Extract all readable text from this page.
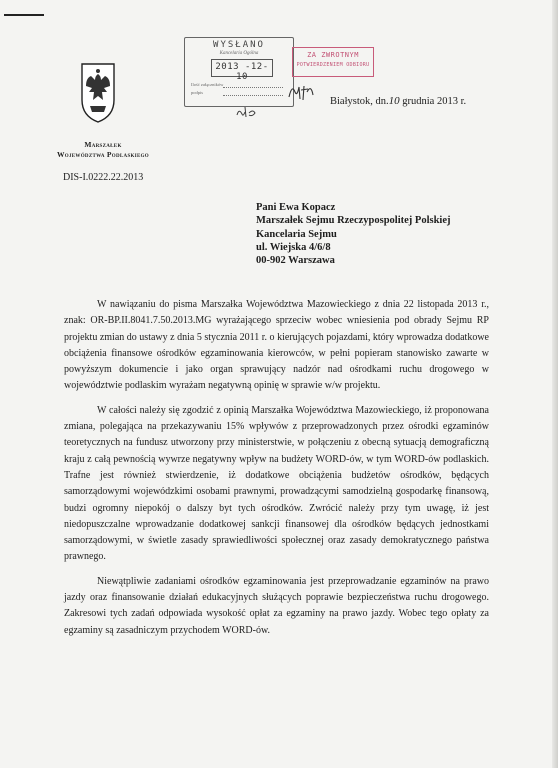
Marszałek
Województwa Podlaskiego
DIS-I.0222.22.2013
WYSŁANO
Kancelaria Ogólna
2013 -12- 10
Ilość załączników
podpis
ZA ZWROTNYM
POTWIERDZENIEM ODBIORU
Białystok, dn.10 grudnia 2013 r.
Pani Ewa Kopacz
Marszałek Sejmu Rzeczypospolitej Polskiej
Kancelaria Sejmu
ul. Wiejska 4/6/8
00-902 Warszawa

W nawiązaniu do pisma Marszałka Województwa Mazowieckiego z dnia 22 listopada 2013 r., znak: OR-BP.II.8041.7.50.2013.MG wyrażającego sprzeciw wobec wniesienia pod obrady Sejmu RP projektu zmian do ustawy z dnia 5 stycznia 2011 r. o kierujących pojazdami, który wprowadza dodatkowe obciążenia finansowe ośrodków egzaminowania kierowców, w pełni popieram stanowisko zawarte w powyższym dokumencie i jako organ sprawujący nadzór nad ośrodkami ruchu drogowego w województwie podlaskim wyrażam negatywną opinię w sprawie w/w projektu.

W całości należy się zgodzić z opinią Marszałka Województwa Mazowieckiego, iż proponowana zmiana, polegająca na przekazywaniu 15% wpływów z przeprowadzonych przez ośrodki egzaminów teoretycznych na fundusz utworzony przy ministerstwie, w połączeniu z obecną sytuacją demograficzną kraju z całą pewnością wywrze negatywny wpływ na budżety WORD-ów, w tym WORD-ów podlaskich. Trafne jest również stwierdzenie, iż dodatkowe obciążenia budżetów ośrodków, będących samorządowymi wojewódzkimi osobami prawnymi, prowadzącymi samodzielną gospodarkę finansową, budzi ogromny niepokój o dalszy byt tych ośrodków. Zwrócić należy przy tym uwagę, iż jest niedopuszczalne wprowadzanie dodatkowej sankcji finansowej dla ośrodków będących jednostkami samorządowymi, w świetle zasady sprawiedliwości społecznej oraz zasady demokratycznego państwa prawnego.

Niewątpliwie zadaniami ośrodków egzaminowania jest przeprowadzanie egzaminów na prawo jazdy oraz finansowanie działań edukacyjnych służących poprawie bezpieczeństwa ruchu drogowego. Zakresowi tych zadań odpowiada wysokość opłat za egzaminy na prawo jazdy. Wobec tego opłaty za egzaminy są zasadniczym przychodem WORD-ów.
